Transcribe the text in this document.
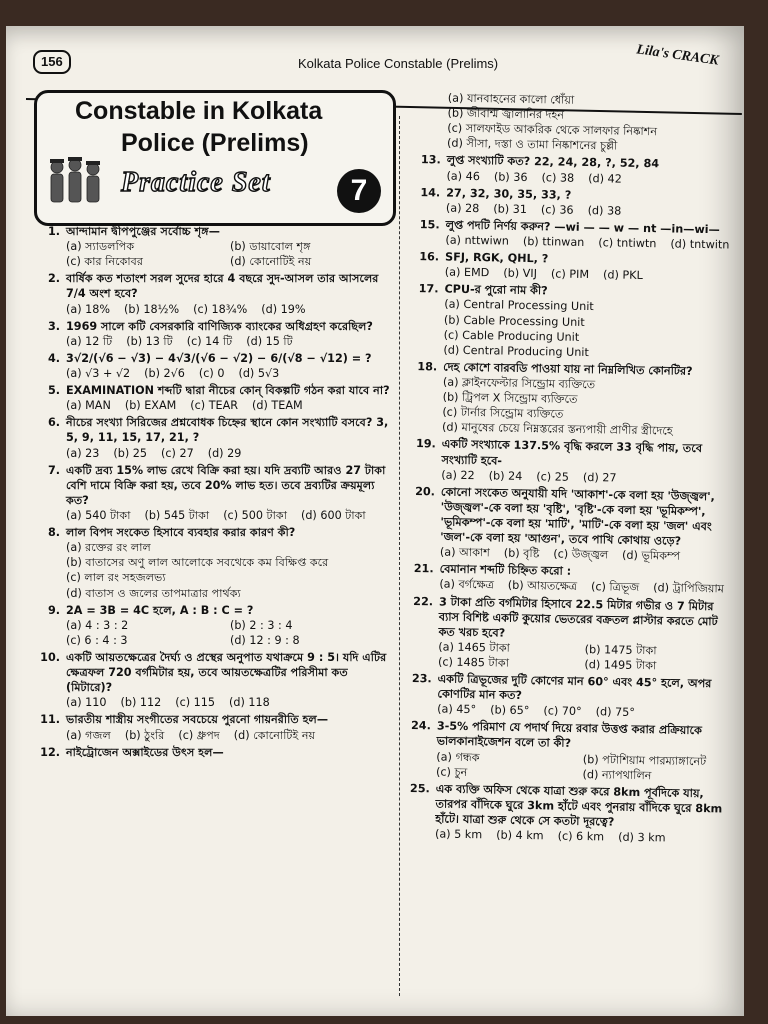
156	Kolkata Police Constable (Prelims)	Lila's CRACK
Constable in Kolkata
Police (Prelims)
Practice Set	7
1. আন্দামান দ্বীপপুঞ্জের সর্বোচ্চ শৃঙ্গ—
(a) স্যাডলপিক	(b) ডায়াবোল শৃঙ্গ
(c) কার নিকোবর	(d) কোনোটিই নয়
2. বার্ষিক কত শতাংশ সরল সুদের হারে 4 বছরে সুদ-আসল তার আসলের 7/4 অংশ হবে?
(a) 18% (b) 18½% (c) 18¾% (d) 19%
3. 1969 সালে কটি বেসরকারি বাণিজ্যিক ব্যাংকের অধিগ্রহণ করেছিল?
(a) 12 টি (b) 13 টি (c) 14 টি (d) 15 টি
4. 3√2/(√6 − √3) − 4√3/(√6 − √2) − 6/(√8 − √12) = ?
(a) √3 + √2 (b) 2√6 (c) 0 (d) 5√3
5. EXAMINATION শব্দটি দ্বারা নীচের কোন্ বিকল্পটি গঠন করা যাবে না?
(a) MAN (b) EXAM (c) TEAR (d) TEAM
6. নীচের সংখ্যা সিরিজের প্রশ্নবোধক চিহ্নের স্থানে কোন সংখ্যাটি বসবে? 3, 5, 9, 11, 15, 17, 21, ?
(a) 23 (b) 25 (c) 27 (d) 29
7. একটি দ্রব্য 15% লাভ রেখে বিক্রি করা হয়। যদি দ্রব্যটি আরও 27 টাকা বেশি দামে বিক্রি করা হয়, তবে 20% লাভ হত। তবে দ্রব্যটির ক্রয়মূল্য কত?
(a) 540 টাকা (b) 545 টাকা (c) 500 টাকা (d) 600 টাকা
8. লাল বিপদ সংকেত হিসাবে ব্যবহার করার কারণ কী?
(a) রক্তের রং লাল
(b) বাতাসের অণু লাল আলোকে সবথেকে কম বিক্ষিপ্ত করে
(c) লাল রং সহজলভ্য
(d) বাতাস ও জলের তাপমাত্রার পার্থক্য
9. 2A = 3B = 4C হলে, A : B : C = ?
(a) 4 : 3 : 2	(b) 2 : 3 : 4
(c) 6 : 4 : 3	(d) 12 : 9 : 8
10. একটি আয়তক্ষেত্রের দৈর্ঘ্য ও প্রস্থের অনুপাত যথাক্রমে 9 : 5। যদি এটির ক্ষেত্রফল 720 বর্গমিটার হয়, তবে আয়তক্ষেত্রটির পরিসীমা কত (মিটারে)?
(a) 110 (b) 112 (c) 115 (d) 118
11. ভারতীয় শাস্ত্রীয় সংগীতের সবচেয়ে পুরনো গায়নরীতি হল—
(a) গজল (b) ঠুংরি (c) ধ্রুপদ (d) কোনোটিই নয়
12. নাইট্রোজেন অক্সাইডের উৎস হল—
(a) যানবাহনের কালো ধোঁয়া
(b) জীবাশ্ম জ্বালানির দহন
(c) সালফাইড আকরিক থেকে সালফার নিষ্কাশন
(d) সীসা, দস্তা ও তামা নিষ্কাশনের চুল্লী
13. লুপ্ত সংখ্যাটি কত? 22, 24, 28, ?, 52, 84
(a) 46 (b) 36 (c) 38 (d) 42
14. 27, 32, 30, 35, 33, ?
(a) 28 (b) 31 (c) 36 (d) 38
15. লুপ্ত পদটি নির্ণয় করুন? —wi — — w — nt —in—wi—
(a) nttwiwn (b) ttinwan (c) tntiwtn (d) tntwitn
16. SFJ, RGK, QHL, ?
(a) EMD (b) VIJ (c) PIM (d) PKL
17. CPU-র পুরো নাম কী?
(a) Central Processing Unit
(b) Cable Processing Unit
(c) Cable Producing Unit
(d) Central Producing Unit
18. দেহ কোশে বারবডি পাওয়া যায় না নিম্নলিখিত কোনটির?
(a) ক্লাইনফেল্টার সিন্ড্রোম ব্যক্তিতে
(b) ট্রিপল X সিন্ড্রোম ব্যক্তিতে
(c) টার্নার সিন্ড্রোম ব্যক্তিতে
(d) মানুষের চেয়ে নিম্নস্তরের স্তন্যপায়ী প্রাণীর স্ত্রীদেহে
19. একটি সংখ্যাকে 137.5% বৃদ্ধি করলে 33 বৃদ্ধি পায়, তবে সংখ্যাটি হবে-
(a) 22 (b) 24 (c) 25 (d) 27
20. কোনো সংকেত অনুযায়ী যদি 'আকাশ'-কে বলা হয় 'উজ্জ্বল', 'উজ্জ্বল'-কে বলা হয় 'বৃষ্টি', 'বৃষ্টি'-কে বলা হয় 'ভূমিকম্প', 'ভূমিকম্প'-কে বলা হয় 'মাটি', 'মাটি'-কে বলা হয় 'জল' এবং 'জল'-কে বলা হয় 'আগুন', তবে পাখি কোথায় ওড়ে?
(a) আকাশ (b) বৃষ্টি (c) উজ্জ্বল (d) ভূমিকম্প
21. বেমানান শব্দটি চিহ্নিত করো :
(a) বর্গক্ষেত্র (b) আয়তক্ষেত্র (c) ত্রিভূজ (d) ট্রাপিজিয়াম
22. 3 টাকা প্রতি বর্গমিটার হিসাবে 22.5 মিটার গভীর ও 7 মিটার ব্যাস বিশিষ্ট একটি কুয়োর ভেতরের বক্রতল প্লাস্টার করতে মোট কত খরচ হবে?
(a) 1465 টাকা	(b) 1475 টাকা
(c) 1485 টাকা	(d) 1495 টাকা
23. একটি ত্রিভূজের দুটি কোণের মান 60° এবং 45° হলে, অপর কোণটির মান কত?
(a) 45° (b) 65° (c) 70° (d) 75°
24. 3-5% পরিমাণ যে পদার্থ দিয়ে রবার উত্তপ্ত করার প্রক্রিয়াকে ভালকানাইজেশন বলে তা কী?
(a) গন্ধক	(b) পটাশিয়াম পারম্যাঙ্গানেট
(c) চুন	(d) ন্যাপথালিন
25. এক ব্যক্তি অফিস থেকে যাত্রা শুরু করে 8km পূর্বদিকে যায়, তারপর বাঁদিকে ঘুরে 3km হাঁটে এবং পুনরায় বাঁদিকে ঘুরে 8km হাঁটে। যাত্রা শুরু থেকে সে কতটা দূরত্বে?
(a) 5 km (b) 4 km (c) 6 km (d) 3 km
